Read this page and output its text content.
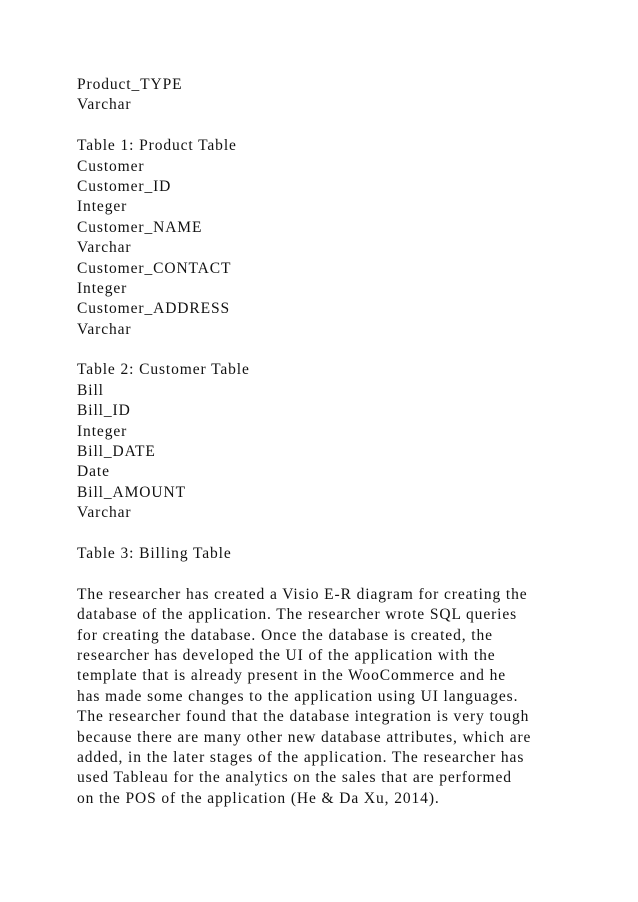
Product_TYPE
Varchar
Table 1: Product Table
Customer
Customer_ID
Integer
Customer_NAME
Varchar
Customer_CONTACT
Integer
Customer_ADDRESS
Varchar
Table 2: Customer Table
Bill
Bill_ID
Integer
Bill_DATE
Date
Bill_AMOUNT
Varchar
Table 3: Billing Table
The researcher has created a Visio E-R diagram for creating the
database of the application. The researcher wrote SQL queries
for creating the database. Once the database is created, the
researcher has developed the UI of the application with the
template that is already present in the WooCommerce and he
has made some changes to the application using UI languages.
The researcher found that the database integration is very tough
because there are many other new database attributes, which are
added, in the later stages of the application. The researcher has
used Tableau for the analytics on the sales that are performed
on the POS of the application (He & Da Xu, 2014).
